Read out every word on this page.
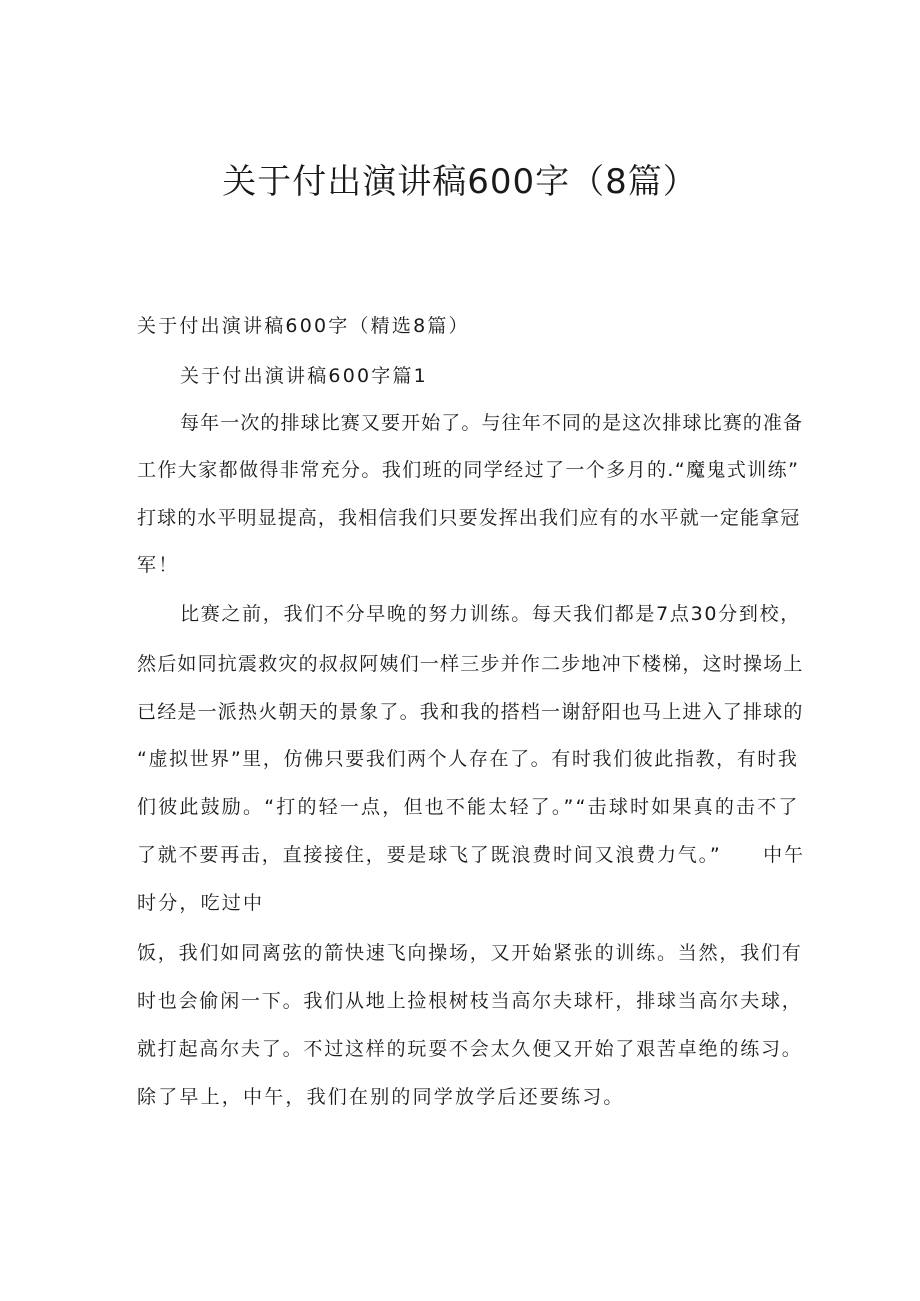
关于付出演讲稿600字（8篇）
关于付出演讲稿600字（精选8篇）
关于付出演讲稿600字篇1
每年一次的排球比赛又要开始了。与往年不同的是这次排球比赛的准备
工作大家都做得非常充分。我们班的同学经过了一个多月的.“魔鬼式训练”
打球的水平明显提高，我相信我们只要发挥出我们应有的水平就一定能拿冠
军！
比赛之前，我们不分早晚的努力训练。每天我们都是7点30分到校，
然后如同抗震救灾的叔叔阿姨们一样三步并作二步地冲下楼梯，这时操场上
已经是一派热火朝天的景象了。我和我的搭档一谢舒阳也马上进入了排球的
“虚拟世界”里，仿佛只要我们两个人存在了。有时我们彼此指教，有时我
们彼此鼓励。“打的轻一点，但也不能太轻了。”“击球时如果真的击不了
了就不要再击，直接接住，要是球飞了既浪费时间又浪费力气。”　　中午
时分，吃过中
饭，我们如同离弦的箭快速飞向操场，又开始紧张的训练。当然，我们有
时也会偷闲一下。我们从地上捡根树枝当高尔夫球杆，排球当高尔夫球，
就打起高尔夫了。不过这样的玩耍不会太久便又开始了艰苦卓绝的练习。
除了早上，中午，我们在别的同学放学后还要练习。
